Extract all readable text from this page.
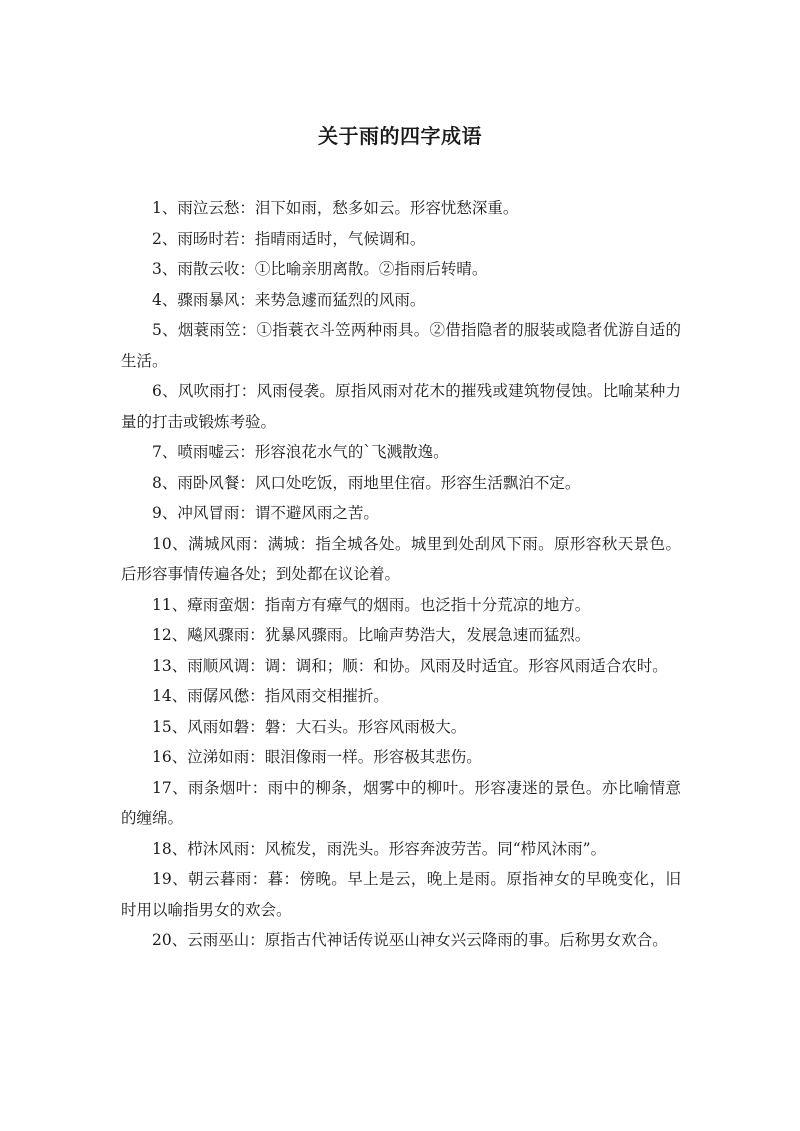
关于雨的四字成语

1、雨泣云愁：泪下如雨，愁多如云。形容忧愁深重。

2、雨旸时若：指晴雨适时，气候调和。

3、雨散云收：①比喻亲朋离散。②指雨后转晴。

4、骤雨暴风：来势急遽而猛烈的风雨。

5、烟蓑雨笠：①指蓑衣斗笠两种雨具。②借指隐者的服装或隐者优游自适的生活。

6、风吹雨打：风雨侵袭。原指风雨对花木的摧残或建筑物侵蚀。比喻某种力量的打击或锻炼考验。

7、喷雨嘘云：形容浪花水气的`飞溅散逸。

8、雨卧风餐：风口处吃饭，雨地里住宿。形容生活飘泊不定。

9、冲风冒雨：谓不避风雨之苦。

10、满城风雨：满城：指全城各处。城里到处刮风下雨。原形容秋天景色。后形容事情传遍各处；到处都在议论着。

11、瘴雨蛮烟：指南方有瘴气的烟雨。也泛指十分荒凉的地方。

12、飚风骤雨：犹暴风骤雨。比喻声势浩大，发展急速而猛烈。

13、雨顺风调：调：调和；顺：和协。风雨及时适宜。形容风雨适合农时。

14、雨僝风僽：指风雨交相摧折。

15、风雨如磐：磐：大石头。形容风雨极大。

16、泣涕如雨：眼泪像雨一样。形容极其悲伤。

17、雨条烟叶：雨中的柳条，烟雾中的柳叶。形容凄迷的景色。亦比喻情意的缠绵。

18、栉沐风雨：风梳发，雨洗头。形容奔波劳苦。同“栉风沐雨”。

19、朝云暮雨：暮：傍晚。早上是云，晚上是雨。原指神女的早晚变化，旧时用以喻指男女的欢会。

20、云雨巫山：原指古代神话传说巫山神女兴云降雨的事。后称男女欢合。
